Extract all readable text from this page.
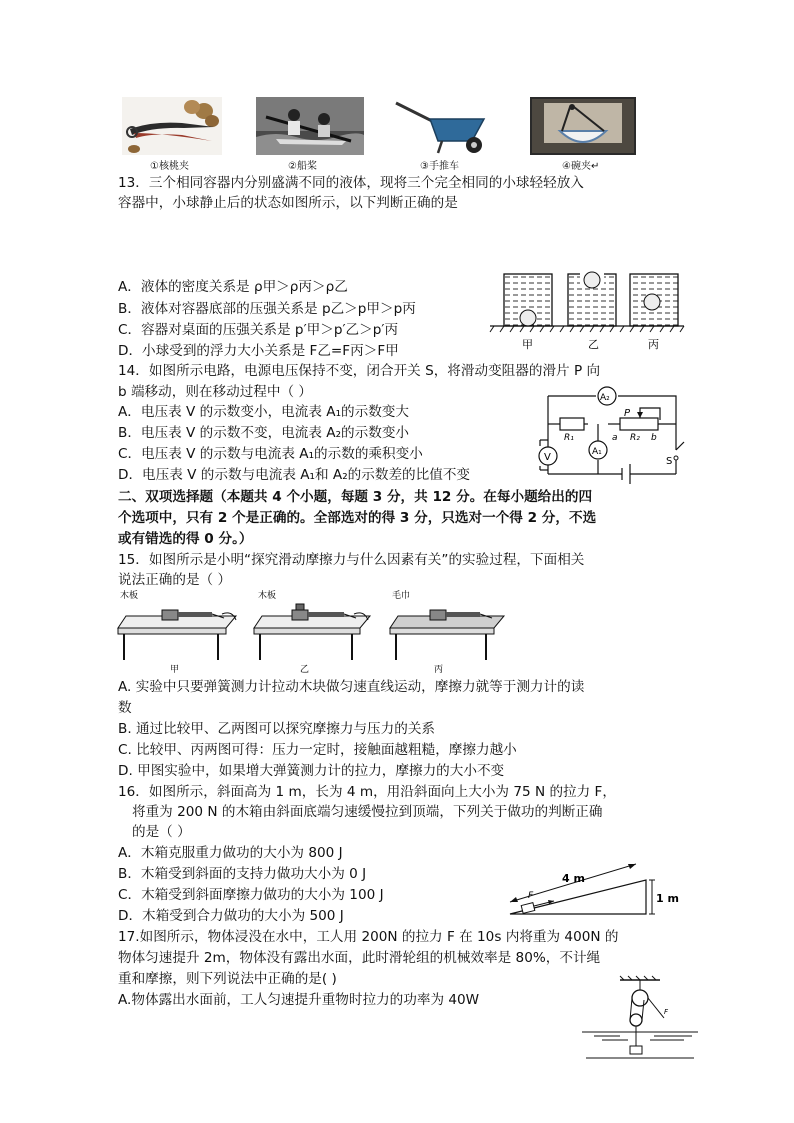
①核桃夹	②船桨	③手推车	④碗夹↵
13．三个相同容器内分别盛满不同的液体，现将三个完全相同的小球轻轻放入
容器中，小球静止后的状态如图所示，以下判断正确的是
A．液体的密度关系是 ρ甲＞ρ丙＞ρ乙
B．液体对容器底部的压强关系是 p乙＞p甲＞p丙
C．容器对桌面的压强关系是 p′甲＞p′乙＞p′丙
D．小球受到的浮力大小关系是 F乙=F丙＞F甲	甲	乙	丙
14．如图所示电路，电源电压保持不变，闭合开关 S，将滑动变阻器的滑片 P 向
b 端移动，则在移动过程中（ ）
A．电压表 V 的示数变小，电流表 A₁的示数变大
B．电压表 V 的示数不变，电流表 A₂的示数变小
C．电压表 V 的示数与电流表 A₁的示数的乘积变小
D．电压表 V 的示数与电流表 A₁和 A₂的示数差的比值不变
A₂
A₁
V
R₁	R₂
P
a	b
S
二、双项选择题（本题共 4 个小题，每题 3 分，共 12 分。在每小题给出的四
个选项中，只有 2 个是正确的。全部选对的得 3 分，只选对一个得 2 分，不选
或有错选的得 0 分。）
15．如图所示是小明“探究滑动摩擦力与什么因素有关”的实验过程，下面相关
说法正确的是（ ）
木板
甲
木板
乙
毛巾
丙
A. 实验中只要弹簧测力计拉动木块做匀速直线运动，摩擦力就等于测力计的读
数
B. 通过比较甲、乙两图可以探究摩擦力与压力的关系
C. 比较甲、丙两图可得：压力一定时，接触面越粗糙，摩擦力越小
D. 甲图实验中，如果增大弹簧测力计的拉力，摩擦力的大小不变
16．如图所示，斜面高为 1 m，长为 4 m，用沿斜面向上大小为 75 N 的拉力 F，
将重为 200 N 的木箱由斜面底端匀速缓慢拉到顶端，下列关于做功的判断正确
的是（ ）
A．木箱克服重力做功的大小为 800 J
B．木箱受到斜面的支持力做功大小为 0 J
C．木箱受到斜面摩擦力做功的大小为 100 J
D．木箱受到合力做功的大小为 500 J
4 m
1 m
F
17.如图所示，物体浸没在水中，工人用 200N 的拉力 F 在 10s 内将重为 400N 的
物体匀速提升 2m，物体没有露出水面，此时滑轮组的机械效率是 80%，不计绳
重和摩擦，则下列说法中正确的是( )
A.物体露出水面前，工人匀速提升重物时拉力的功率为 40W
F
